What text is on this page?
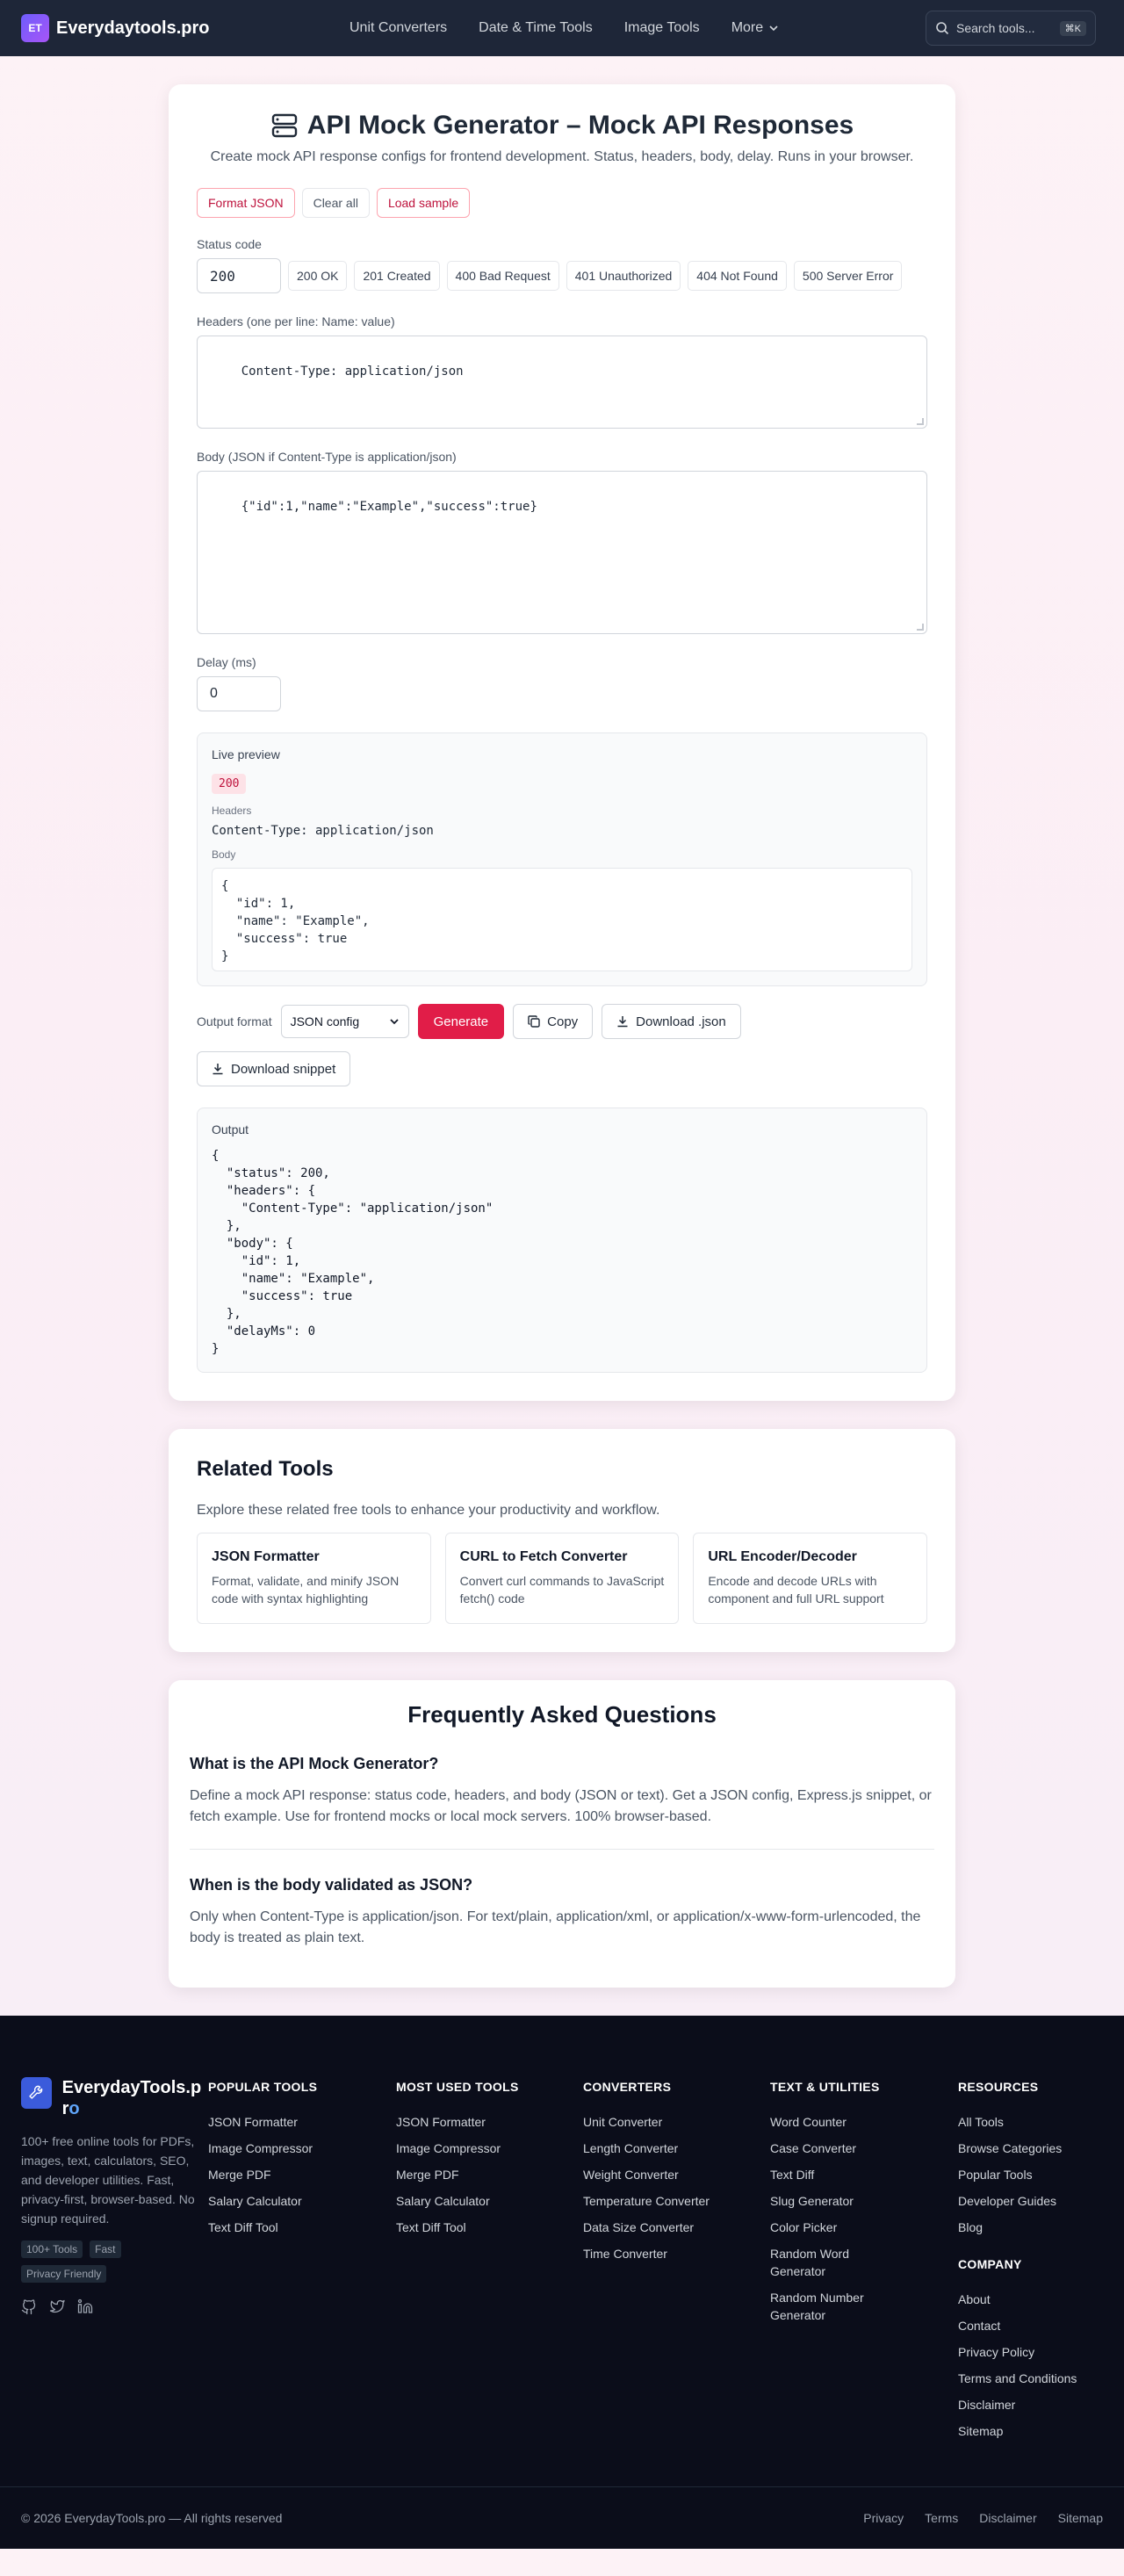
ET Everydaytools.pro	Unit Converters Date & Time Tools Image Tools More	Search tools...	⌘K
API Mock Generator – Mock API Responses

Create mock API response configs for frontend development. Status, headers, body, delay. Runs in your browser.

Format JSON	Clear all	Load sample
Status code
200	200 OK	201 Created	400 Bad Request	401 Unauthorized	404 Not Found	500 Server Error
Headers (one per line: Name: value)

Content-Type: application/json

Body (JSON if Content-Type is application/json)

{"id":1,"name":"Example","success":true}

Delay (ms)
0
Live preview
200
Headers
Content-Type: application/json
Body
{
"id": 1,
"name": "Example",
"success": true
}
Output format JSON config	Generate	Copy	Download .json
Download snippet
Output
{
"status": 200,
"headers": {
"Content-Type": "application/json"
},
"body": {
"id": 1,
"name": "Example",
"success": true
},
"delayMs": 0
}
Related Tools

Explore these related free tools to enhance your productivity and workflow.

JSON Formatter

Format, validate, and minify JSON code with syntax highlighting

CURL to Fetch Converter

Convert curl commands to JavaScript fetch() code

URL Encoder/Decoder

Encode and decode URLs with component and full URL support

Frequently Asked Questions
What is the API Mock Generator?

Define a mock API response: status code, headers, and body (JSON or text). Get a JSON config, Express.js snippet, or fetch example. Use for frontend mocks or local mock servers. 100% browser-based.

When is the body validated as JSON?

Only when Content-Type is application/json. For text/plain, application/xml, or application/x-www-form-urlencoded, the body is treated as plain text.

EverydayTools.pro

100+ free online tools for PDFs, images, text, calculators, SEO, and developer utilities. Fast, privacy-first, browser-based. No signup required.

100+ Tools	Fast
Privacy Friendly
POPULAR TOOLS
JSON Formatter
Image Compressor
Merge PDF
Salary Calculator
Text Diff Tool
MOST USED TOOLS
JSON Formatter
Image Compressor
Merge PDF
Salary Calculator
Text Diff Tool
CONVERTERS
Unit Converter
Length Converter
Weight Converter
Temperature Converter
Data Size Converter
Time Converter
TEXT & UTILITIES
Word Counter
Case Converter
Text Diff
Slug Generator
Color Picker
Random Word Generator
Random Number Generator
RESOURCES
All Tools
Browse Categories
Popular Tools
Developer Guides
Blog
COMPANY
About
Contact
Privacy Policy
Terms and Conditions
Disclaimer
Sitemap
© 2026 EverydayTools.pro — All rights reserved	Privacy Terms Disclaimer Sitemap
